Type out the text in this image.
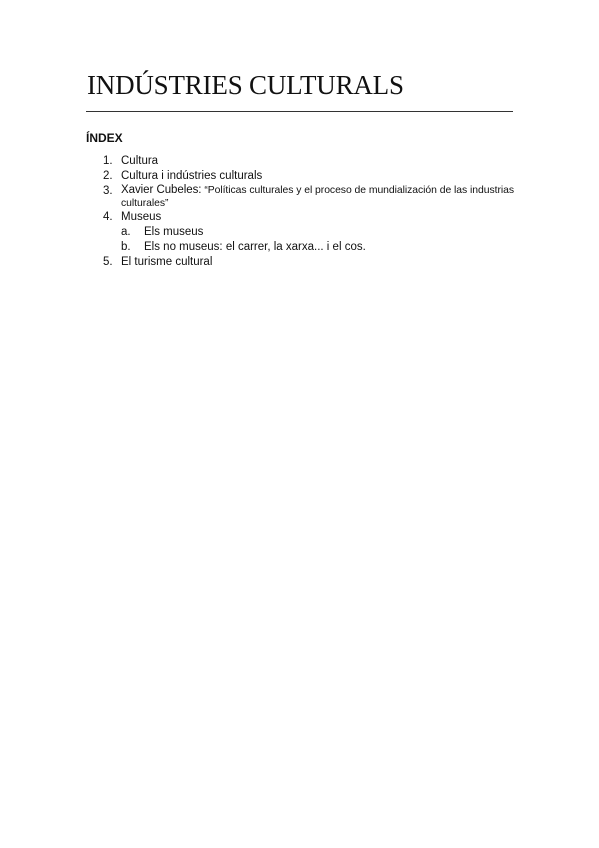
INDÚSTRIES CULTURALS
ÍNDEX
1. Cultura
2. Cultura i indústries culturals
3. Xavier Cubeles: “Políticas culturales y el proceso de mundialización de las industrias culturales”
4. Museus
a. Els museus
b. Els no museus: el carrer, la xarxa... i el cos.
5. El turisme cultural
